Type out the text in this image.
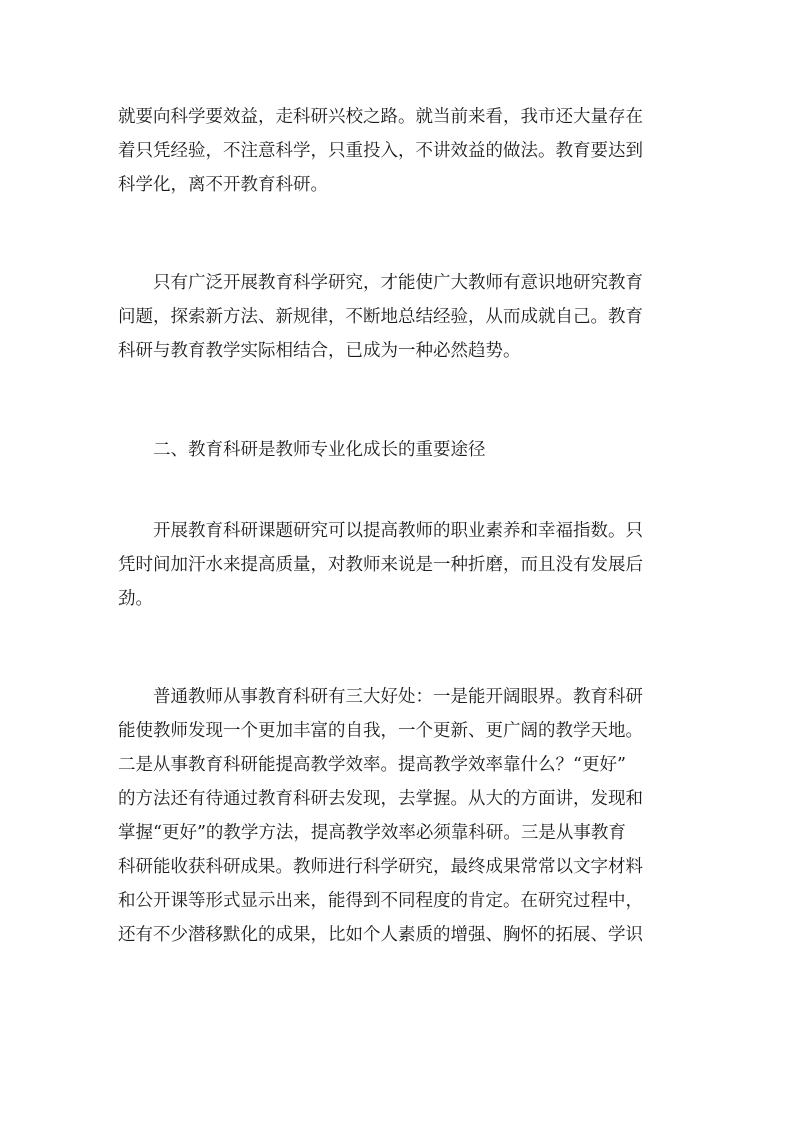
就要向科学要效益，走科研兴校之路。就当前来看，我市还大量存在
着只凭经验，不注意科学，只重投入，不讲效益的做法。教育要达到
科学化，离不开教育科研。

只有广泛开展教育科学研究，才能使广大教师有意识地研究教育
问题，探索新方法、新规律，不断地总结经验，从而成就自己。教育
科研与教育教学实际相结合，已成为一种必然趋势。

二、教育科研是教师专业化成长的重要途径

开展教育科研课题研究可以提高教师的职业素养和幸福指数。只
凭时间加汗水来提高质量，对教师来说是一种折磨，而且没有发展后
劲。

普通教师从事教育科研有三大好处：一是能开阔眼界。教育科研
能使教师发现一个更加丰富的自我，一个更新、更广阔的教学天地。
二是从事教育科研能提高教学效率。提高教学效率靠什么？“更好”
的方法还有待通过教育科研去发现，去掌握。从大的方面讲，发现和
掌握“更好”的教学方法，提高教学效率必须靠科研。三是从事教育
科研能收获科研成果。教师进行科学研究，最终成果常常以文字材料
和公开课等形式显示出来，能得到不同程度的肯定。在研究过程中，
还有不少潜移默化的成果，比如个人素质的增强、胸怀的拓展、学识
